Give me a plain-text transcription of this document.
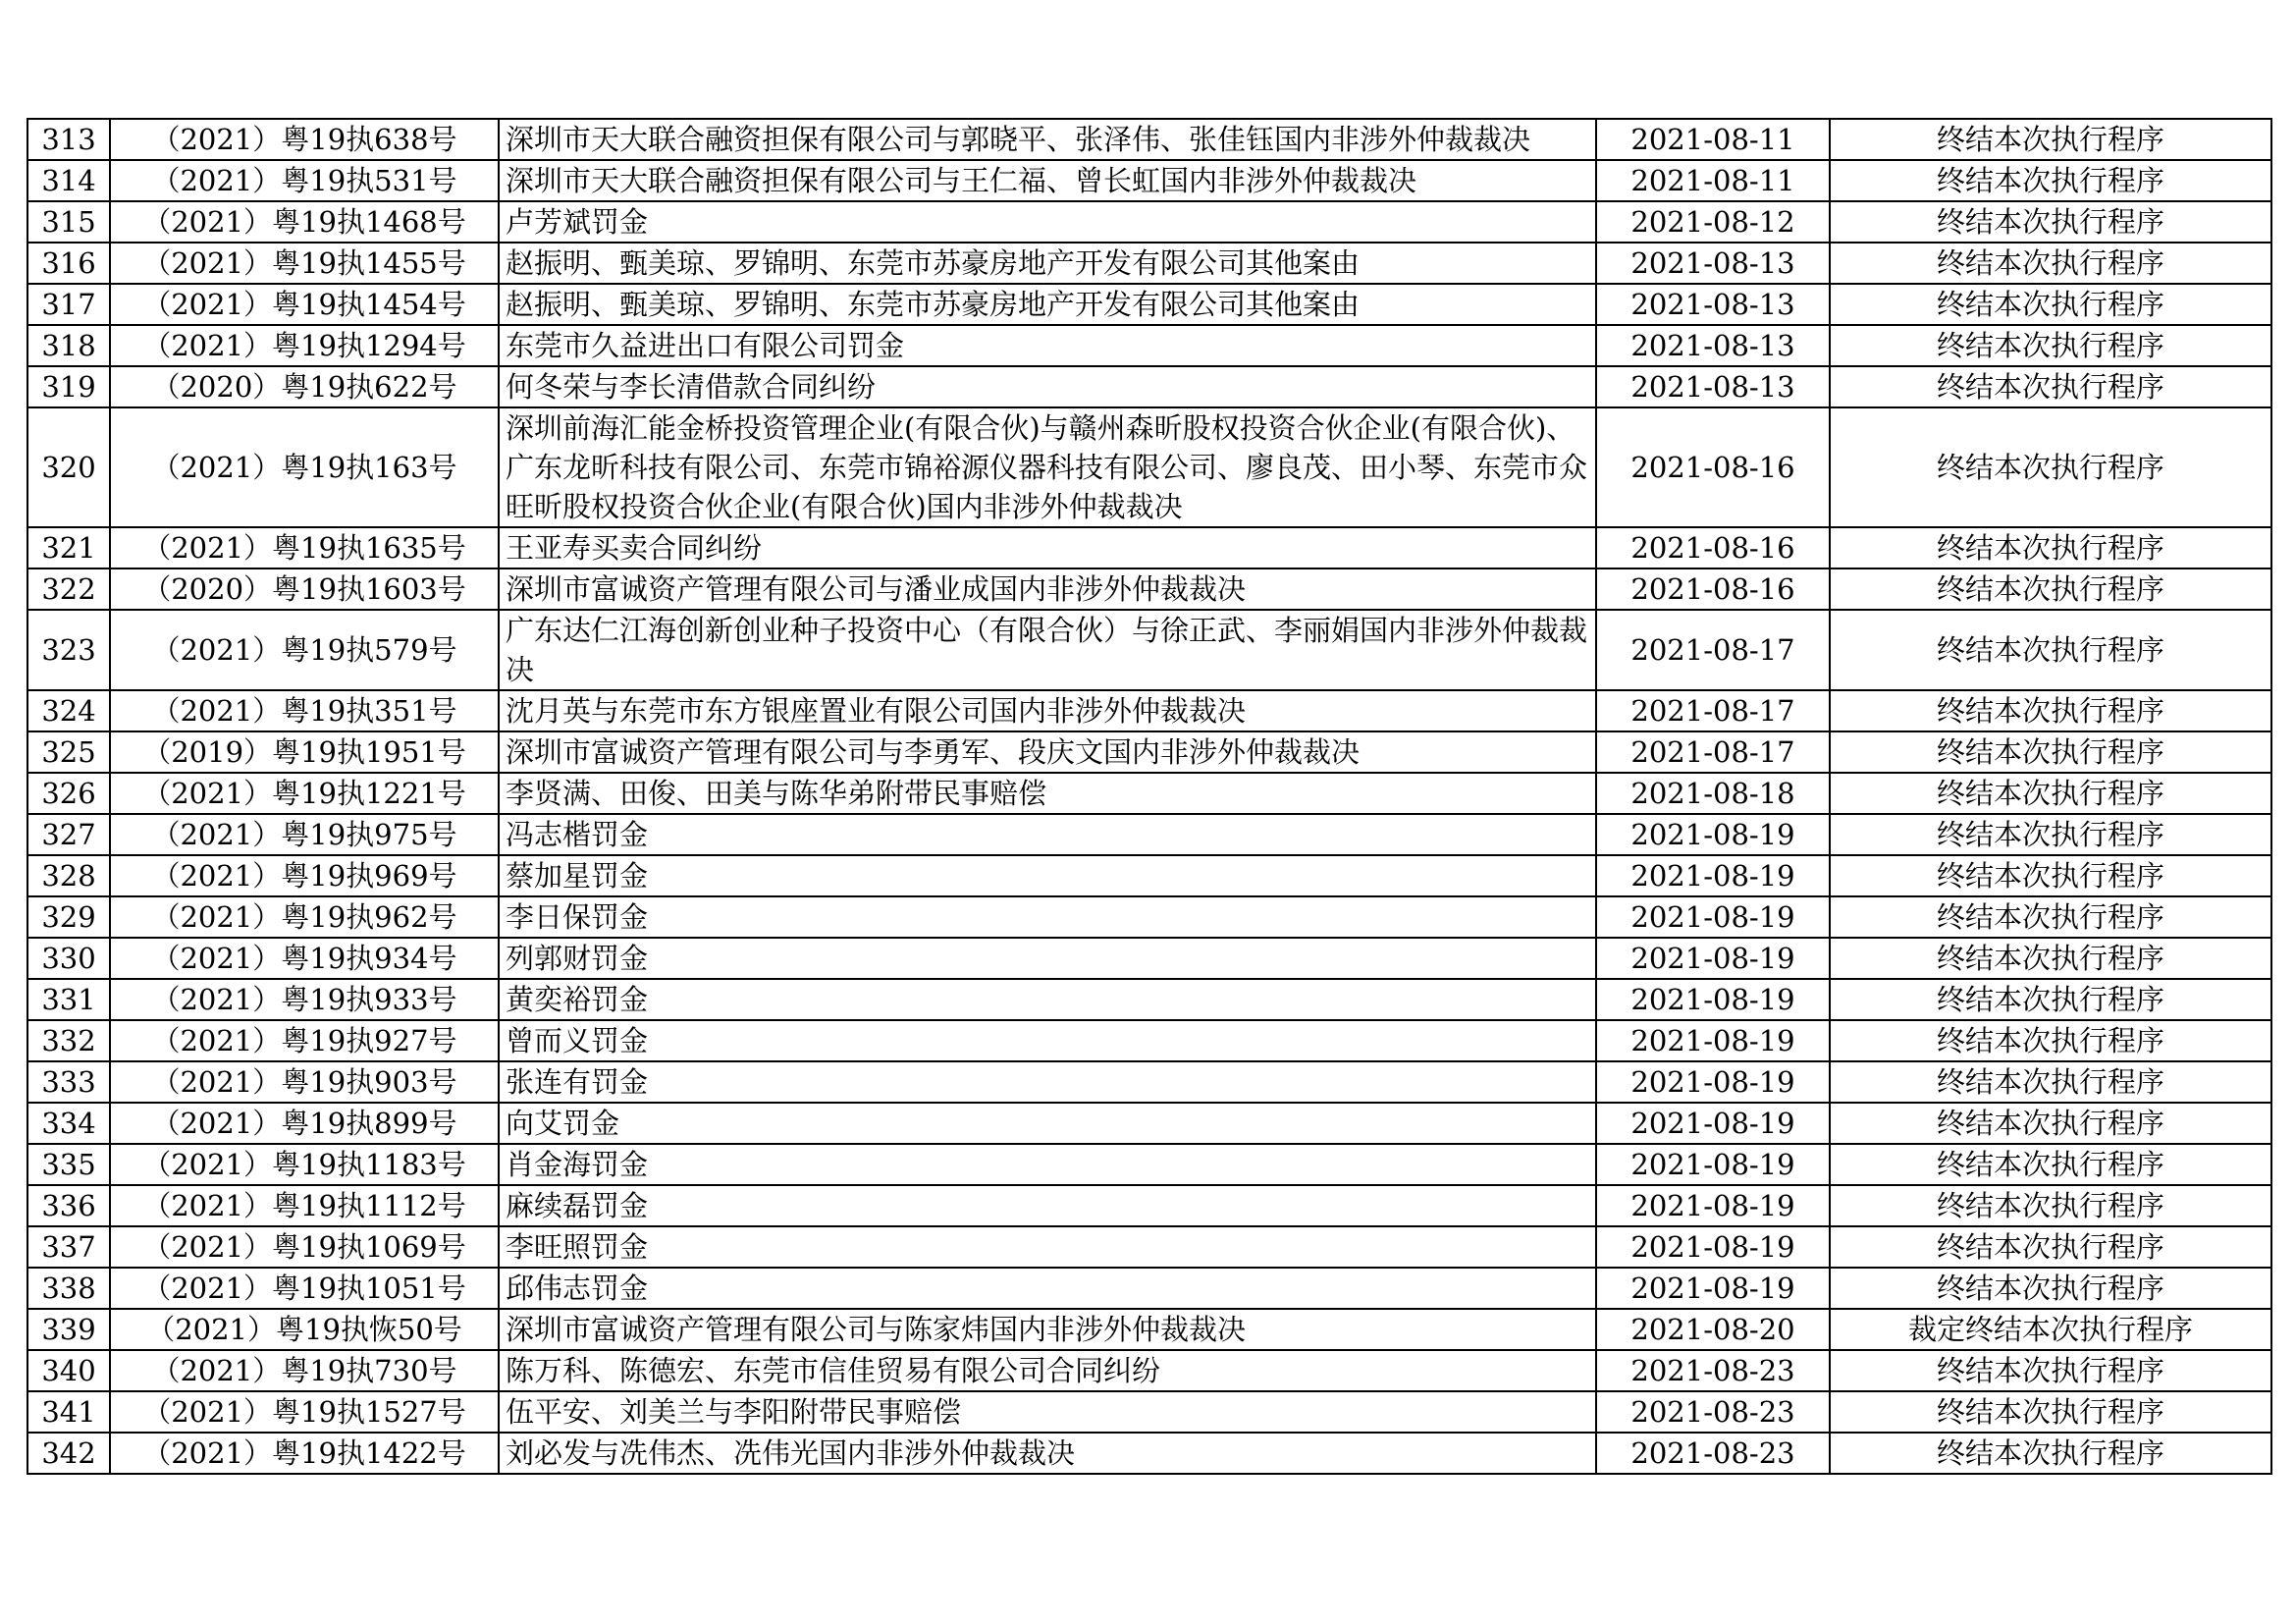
313	（2021）粤19执638号	深圳市天大联合融资担保有限公司与郭晓平、张泽伟、张佳钰国内非涉外仲裁裁决	2021-08-11	终结本次执行程序
314	（2021）粤19执531号	深圳市天大联合融资担保有限公司与王仁福、曾长虹国内非涉外仲裁裁决	2021-08-11	终结本次执行程序
315	（2021）粤19执1468号	卢芳斌罚金	2021-08-12	终结本次执行程序
316	（2021）粤19执1455号	赵振明、甄美琼、罗锦明、东莞市苏豪房地产开发有限公司其他案由	2021-08-13	终结本次执行程序
317	（2021）粤19执1454号	赵振明、甄美琼、罗锦明、东莞市苏豪房地产开发有限公司其他案由	2021-08-13	终结本次执行程序
318	（2021）粤19执1294号	东莞市久益进出口有限公司罚金	2021-08-13	终结本次执行程序
319	（2020）粤19执622号	何冬荣与李长清借款合同纠纷	2021-08-13	终结本次执行程序
320	（2021）粤19执163号	深圳前海汇能金桥投资管理企业(有限合伙)与赣州森昕股权投资合伙企业(有限合伙)、广东龙昕科技有限公司、东莞市锦裕源仪器科技有限公司、廖良茂、田小琴、东莞市众旺昕股权投资合伙企业(有限合伙)国内非涉外仲裁裁决	2021-08-16	终结本次执行程序
321	（2021）粤19执1635号	王亚寿买卖合同纠纷	2021-08-16	终结本次执行程序
322	（2020）粤19执1603号	深圳市富诚资产管理有限公司与潘业成国内非涉外仲裁裁决	2021-08-16	终结本次执行程序
323	（2021）粤19执579号	广东达仁江海创新创业种子投资中心（有限合伙）与徐正武、李丽娟国内非涉外仲裁裁决	2021-08-17	终结本次执行程序
324	（2021）粤19执351号	沈月英与东莞市东方银座置业有限公司国内非涉外仲裁裁决	2021-08-17	终结本次执行程序
325	（2019）粤19执1951号	深圳市富诚资产管理有限公司与李勇军、段庆文国内非涉外仲裁裁决	2021-08-17	终结本次执行程序
326	（2021）粤19执1221号	李贤满、田俊、田美与陈华弟附带民事赔偿	2021-08-18	终结本次执行程序
327	（2021）粤19执975号	冯志楷罚金	2021-08-19	终结本次执行程序
328	（2021）粤19执969号	蔡加星罚金	2021-08-19	终结本次执行程序
329	（2021）粤19执962号	李日保罚金	2021-08-19	终结本次执行程序
330	（2021）粤19执934号	列郭财罚金	2021-08-19	终结本次执行程序
331	（2021）粤19执933号	黄奕裕罚金	2021-08-19	终结本次执行程序
332	（2021）粤19执927号	曾而义罚金	2021-08-19	终结本次执行程序
333	（2021）粤19执903号	张连有罚金	2021-08-19	终结本次执行程序
334	（2021）粤19执899号	向艾罚金	2021-08-19	终结本次执行程序
335	（2021）粤19执1183号	肖金海罚金	2021-08-19	终结本次执行程序
336	（2021）粤19执1112号	麻续磊罚金	2021-08-19	终结本次执行程序
337	（2021）粤19执1069号	李旺照罚金	2021-08-19	终结本次执行程序
338	（2021）粤19执1051号	邱伟志罚金	2021-08-19	终结本次执行程序
339	（2021）粤19执恢50号	深圳市富诚资产管理有限公司与陈家炜国内非涉外仲裁裁决	2021-08-20	裁定终结本次执行程序
340	（2021）粤19执730号	陈万科、陈德宏、东莞市信佳贸易有限公司合同纠纷	2021-08-23	终结本次执行程序
341	（2021）粤19执1527号	伍平安、刘美兰与李阳附带民事赔偿	2021-08-23	终结本次执行程序
342	（2021）粤19执1422号	刘必发与冼伟杰、冼伟光国内非涉外仲裁裁决	2021-08-23	终结本次执行程序
